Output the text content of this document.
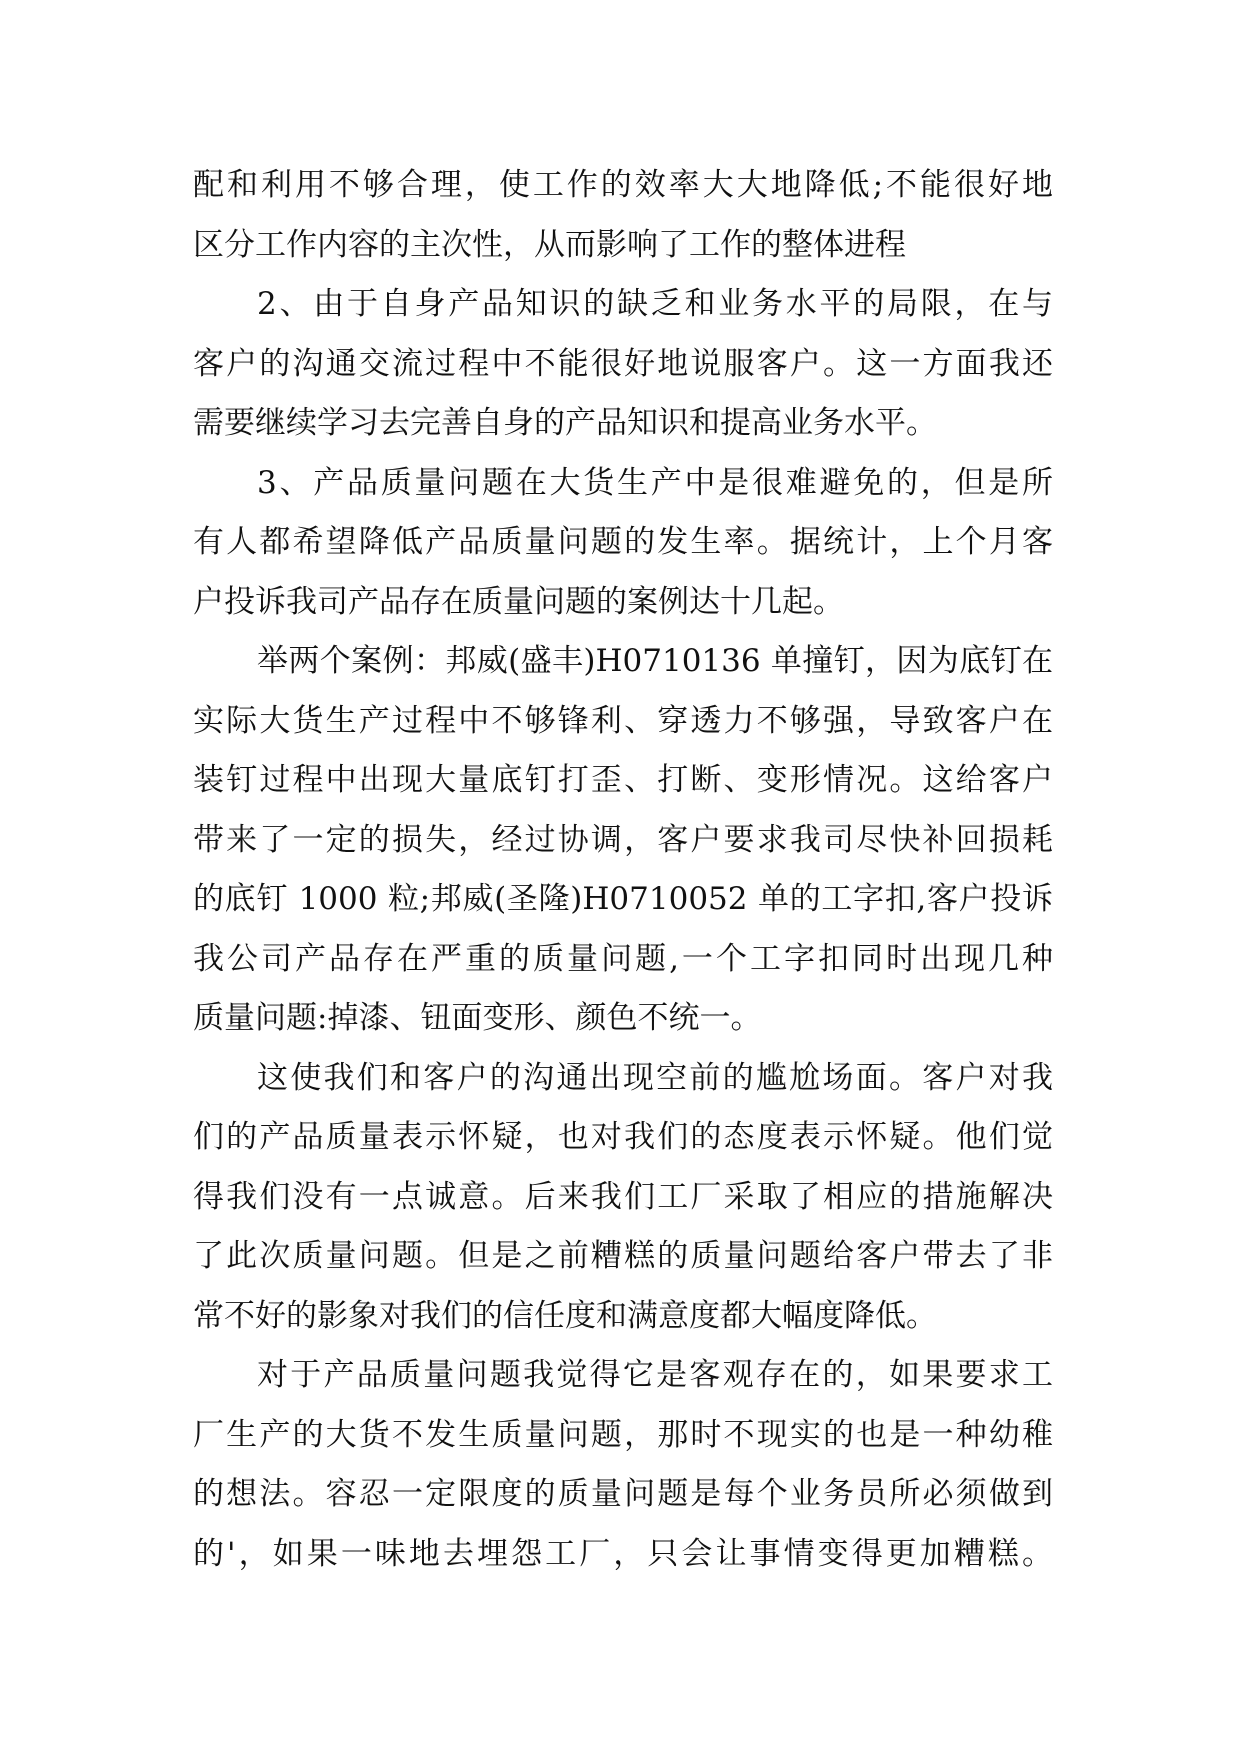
配和利用不够合理，使工作的效率大大地降低;不能很好地
区分工作内容的主次性，从而影响了工作的整体进程
2、由于自身产品知识的缺乏和业务水平的局限，在与
客户的沟通交流过程中不能很好地说服客户。这一方面我还
需要继续学习去完善自身的产品知识和提高业务水平。
3、产品质量问题在大货生产中是很难避免的，但是所
有人都希望降低产品质量问题的发生率。据统计，上个月客
户投诉我司产品存在质量问题的案例达十几起。
举两个案例：邦威(盛丰)H0710136 单撞钉，因为底钉在
实际大货生产过程中不够锋利、穿透力不够强，导致客户在
装钉过程中出现大量底钉打歪、打断、变形情况。这给客户
带来了一定的损失，经过协调，客户要求我司尽快补回损耗
的底钉 1000 粒;邦威(圣隆)H0710052 单的工字扣,客户投诉
我公司产品存在严重的质量问题,一个工字扣同时出现几种
质量问题:掉漆、钮面变形、颜色不统一。
这使我们和客户的沟通出现空前的尴尬场面。客户对我
们的产品质量表示怀疑，也对我们的态度表示怀疑。他们觉
得我们没有一点诚意。后来我们工厂采取了相应的措施解决
了此次质量问题。但是之前糟糕的质量问题给客户带去了非
常不好的影象对我们的信任度和满意度都大幅度降低。
对于产品质量问题我觉得它是客观存在的，如果要求工
厂生产的大货不发生质量问题，那时不现实的也是一种幼稚
的想法。容忍一定限度的质量问题是每个业务员所必须做到
的'，如果一味地去埋怨工厂，只会让事情变得更加糟糕。
